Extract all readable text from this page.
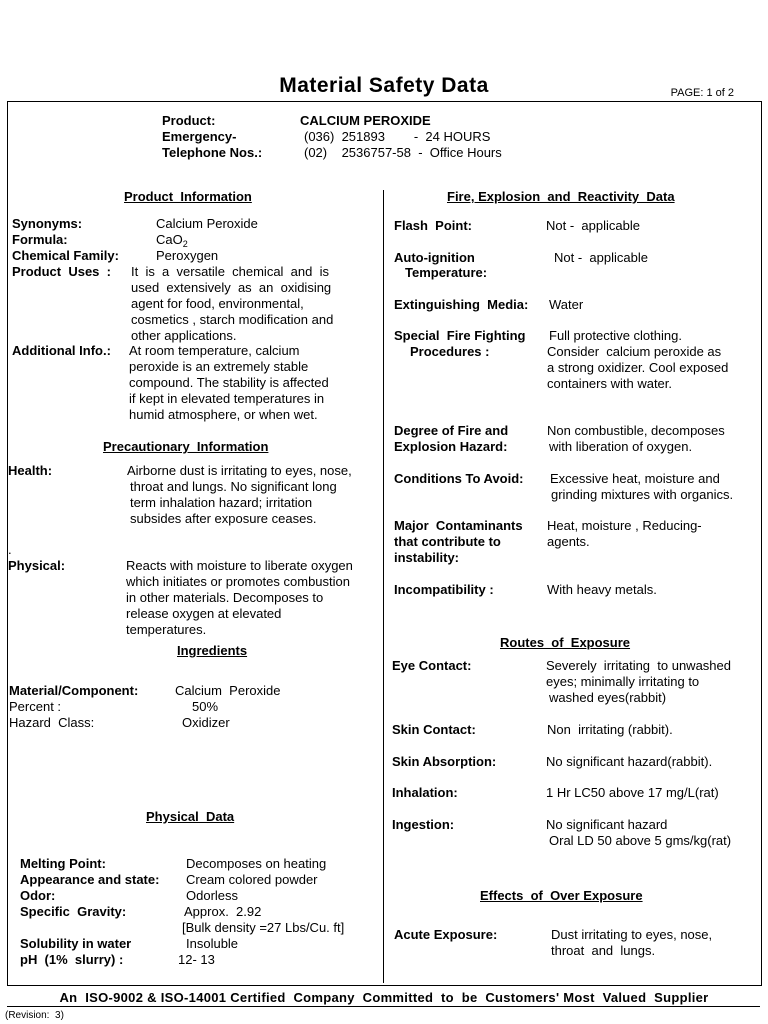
Material Safety Data	PAGE: 1 of 2
Product:	CALCIUM PEROXIDE
Emergency-	(036)  251893        -  24 HOURS
Telephone Nos.:	(02)    2536757-58  -  Office Hours
Product  Information
Synonyms:	Calcium Peroxide
Formula:	CaO$_2$
Chemical Family:	Peroxygen
Product  Uses  : It  is  a  versatile  chemical  and  is
used  extensively  as  an  oxidising
agent for food, environmental,
cosmetics , starch modification and
other applications.
Additional Info.: At room temperature, calcium
peroxide is an extremely stable
compound. The stability is affected
if kept in elevated temperatures in
humid atmosphere, or when wet.
Precautionary  Information
Health:	Airborne dust is irritating to eyes, nose,
throat and lungs. No significant long
term inhalation hazard; irritation
subsides after exposure ceases.
.
Physical:	Reacts with moisture to liberate oxygen
which initiates or promotes combustion
in other materials. Decomposes to
release oxygen at elevated
temperatures.
Ingredients
Material/Component:	Calcium  Peroxide
Percent :	50%
Hazard  Class:	Oxidizer
Physical  Data
Melting Point:	Decomposes on heating
Appearance and state: Cream colored powder
Odor:	Odorless
Specific  Gravity:	Approx.  2.92
[Bulk density =27 Lbs/Cu. ft]
Solubility in water	Insoluble
pH  (1%  slurry) :	12- 13
Fire, Explosion  and  Reactivity  Data
Flash  Point:	Not -  applicable
Auto-ignition
Temperature:
Not -  applicable
Extinguishing  Media: Water
Special  Fire Fighting
Procedures :
Full protective clothing.
Consider  calcium peroxide as
a strong oxidizer. Cool exposed
containers with water.
Degree of Fire and
Explosion Hazard:
Non combustible, decomposes
with liberation of oxygen.
Conditions To Avoid: Excessive heat, moisture and
grinding mixtures with organics.
Major  Contaminants
that contribute to
instability:
Heat, moisture , Reducing-
agents.
Incompatibility :	With heavy metals.
Routes  of  Exposure
Eye Contact:	Severely  irritating  to unwashed
eyes; minimally irritating to
washed eyes(rabbit)
Skin Contact:	Non  irritating (rabbit).
Skin Absorption:	No significant hazard(rabbit).
Inhalation:	1 Hr LC50 above 17 mg/L(rat)
Ingestion:	No significant hazard
Oral LD 50 above 5 gms/kg(rat)
Effects  of  Over Exposure
Acute Exposure:	Dust irritating to eyes, nose,
throat  and  lungs.
An  ISO-9002 & ISO-14001 Certified  Company  Committed  to  be  Customers' Most  Valued  Supplier
(Revision:  3)
